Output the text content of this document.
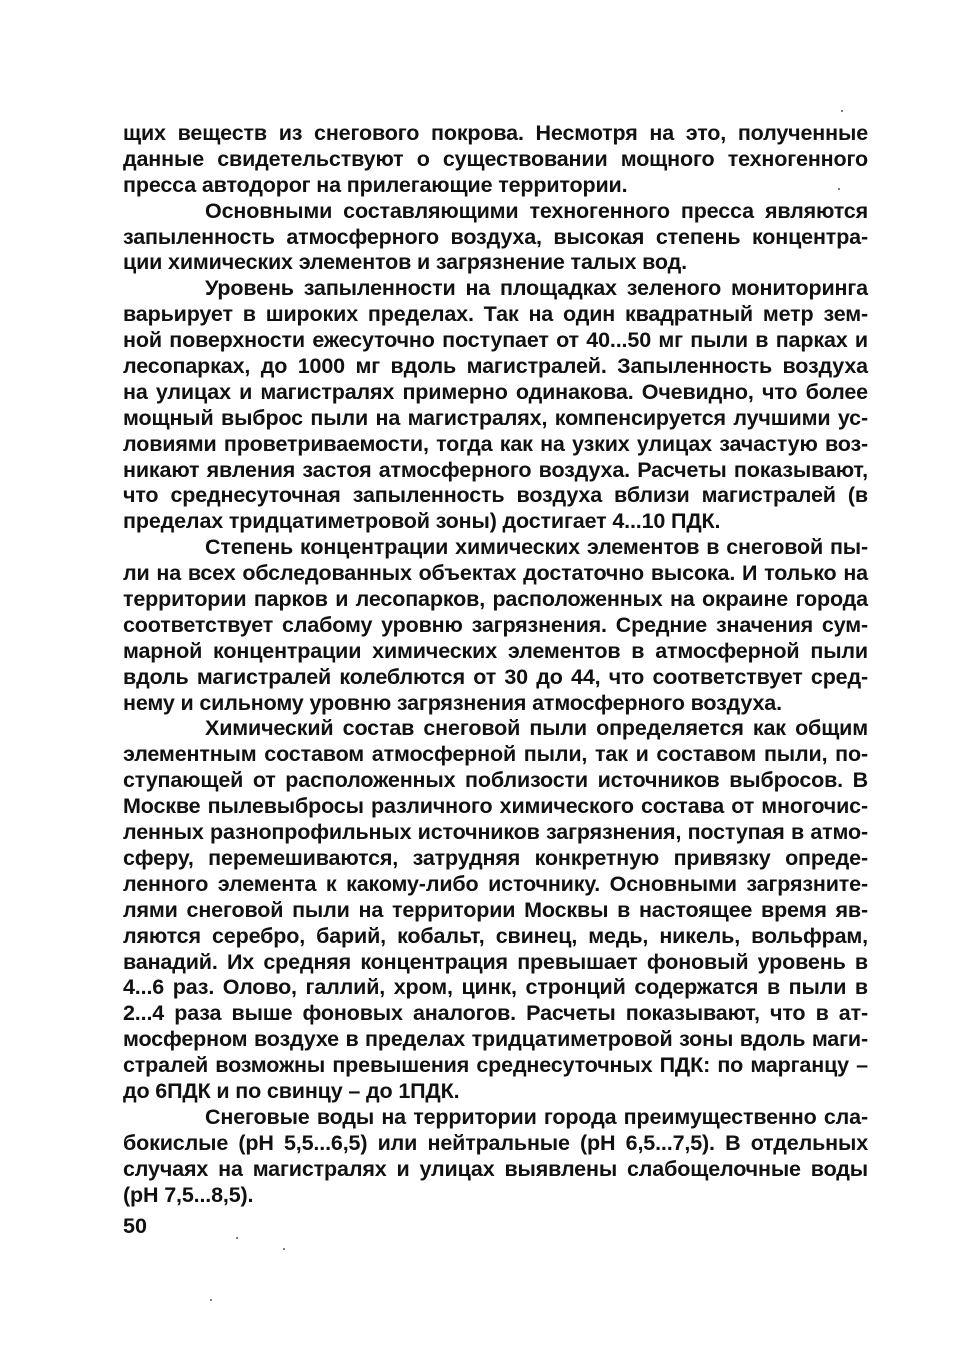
щих веществ из снегового покрова. Несмотря на это, полученные
данные свидетельствуют о существовании мощного техногенного
пресса автодорог на прилегающие территории.
Основными составляющими техногенного пресса являются
запыленность атмосферного воздуха, высокая степень концентра-
ции химических элементов и загрязнение талых вод.
Уровень запыленности на площадках зеленого мониторинга
варьирует в широких пределах. Так на один квадратный метр зем-
ной поверхности ежесуточно поступает от 40...50 мг пыли в парках и
лесопарках, до 1000 мг вдоль магистралей. Запыленность воздуха
на улицах и магистралях примерно одинакова. Очевидно, что более
мощный выброс пыли на магистралях, компенсируется лучшими ус-
ловиями проветриваемости, тогда как на узких улицах зачастую воз-
никают явления застоя атмосферного воздуха. Расчеты показывают,
что среднесуточная запыленность воздуха вблизи магистралей (в
пределах тридцатиметровой зоны) достигает 4...10 ПДК.
Степень концентрации химических элементов в снеговой пы-
ли на всех обследованных объектах достаточно высока. И только на
территории парков и лесопарков, расположенных на окраине города
соответствует слабому уровню загрязнения. Средние значения сум-
марной концентрации химических элементов в атмосферной пыли
вдоль магистралей колеблются от 30 до 44, что соответствует сред-
нему и сильному уровню загрязнения атмосферного воздуха.
Химический состав снеговой пыли определяется как общим
элементным составом атмосферной пыли, так и составом пыли, по-
ступающей от расположенных поблизости источников выбросов. В
Москве пылевыбросы различного химического состава от многочис-
ленных разнопрофильных источников загрязнения, поступая в атмо-
сферу, перемешиваются, затрудняя конкретную привязку опреде-
ленного элемента к какому-либо источнику. Основными загрязните-
лями снеговой пыли на территории Москвы в настоящее время яв-
ляются серебро, барий, кобальт, свинец, медь, никель, вольфрам,
ванадий. Их средняя концентрация превышает фоновый уровень в
4...6 раз. Олово, галлий, хром, цинк, стронций содержатся в пыли в
2...4 раза выше фоновых аналогов. Расчеты показывают, что в ат-
мосферном воздухе в пределах тридцатиметровой зоны вдоль маги-
стралей возможны превышения среднесуточных ПДК: по марганцу –
до 6ПДК и по свинцу – до 1ПДК.
Снеговые воды на территории города преимущественно сла-
бокислые (pH 5,5...6,5) или нейтральные (pH 6,5...7,5). В отдельных
случаях на магистралях и улицах выявлены слабощелочные воды
(pH 7,5...8,5).
50
